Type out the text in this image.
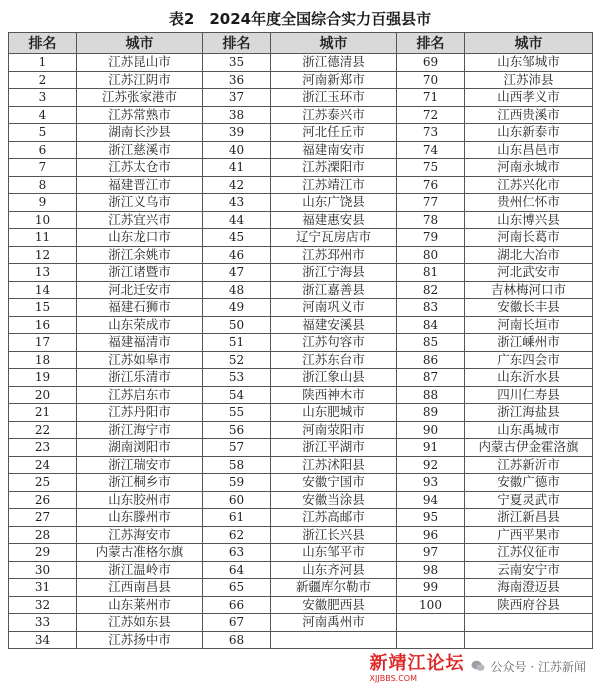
表2　2024年度全国综合实力百强县市
排名	城市	排名	城市	排名	城市
1	江苏昆山市	35	浙江德清县	69	山东邹城市
2	江苏江阴市	36	河南新郑市	70	江苏沛县
3	江苏张家港市	37	浙江玉环市	71	山西孝义市
4	江苏常熟市	38	江苏泰兴市	72	江西贵溪市
5	湖南长沙县	39	河北任丘市	73	山东新泰市
6	浙江慈溪市	40	福建南安市	74	山东昌邑市
7	江苏太仓市	41	江苏溧阳市	75	河南永城市
8	福建晋江市	42	江苏靖江市	76	江苏兴化市
9	浙江义乌市	43	山东广饶县	77	贵州仁怀市
10	江苏宜兴市	44	福建惠安县	78	山东博兴县
11	山东龙口市	45	辽宁瓦房店市	79	河南长葛市
12	浙江余姚市	46	江苏邳州市	80	湖北大冶市
13	浙江诸暨市	47	浙江宁海县	81	河北武安市
14	河北迁安市	48	浙江嘉善县	82	吉林梅河口市
15	福建石狮市	49	河南巩义市	83	安徽长丰县
16	山东荣成市	50	福建安溪县	84	河南长垣市
17	福建福清市	51	江苏句容市	85	浙江嵊州市
18	江苏如皋市	52	江苏东台市	86	广东四会市
19	浙江乐清市	53	浙江象山县	87	山东沂水县
20	江苏启东市	54	陕西神木市	88	四川仁寿县
21	江苏丹阳市	55	山东肥城市	89	浙江海盐县
22	浙江海宁市	56	河南荥阳市	90	山东禹城市
23	湖南浏阳市	57	浙江平湖市	91	内蒙古伊金霍洛旗
24	浙江瑞安市	58	江苏沭阳县	92	江苏新沂市
25	浙江桐乡市	59	安徽宁国市	93	安徽广德市
26	山东胶州市	60	安徽当涂县	94	宁夏灵武市
27	山东滕州市	61	江苏高邮市	95	浙江新昌县
28	江苏海安市	62	浙江长兴县	96	广西平果市
29	内蒙古准格尔旗	63	山东邹平市	97	江苏仪征市
30	浙江温岭市	64	山东齐河县	98	云南安宁市
31	江西南昌县	65	新疆库尔勒市	99	海南澄迈县
32	山东莱州市	66	安徽肥西县	100	陕西府谷县
33	江苏如东县	67	河南禹州市		
34	江苏扬中市	68			
新靖江论坛
XJJBBS.COM
公众号 · 江苏新闻
